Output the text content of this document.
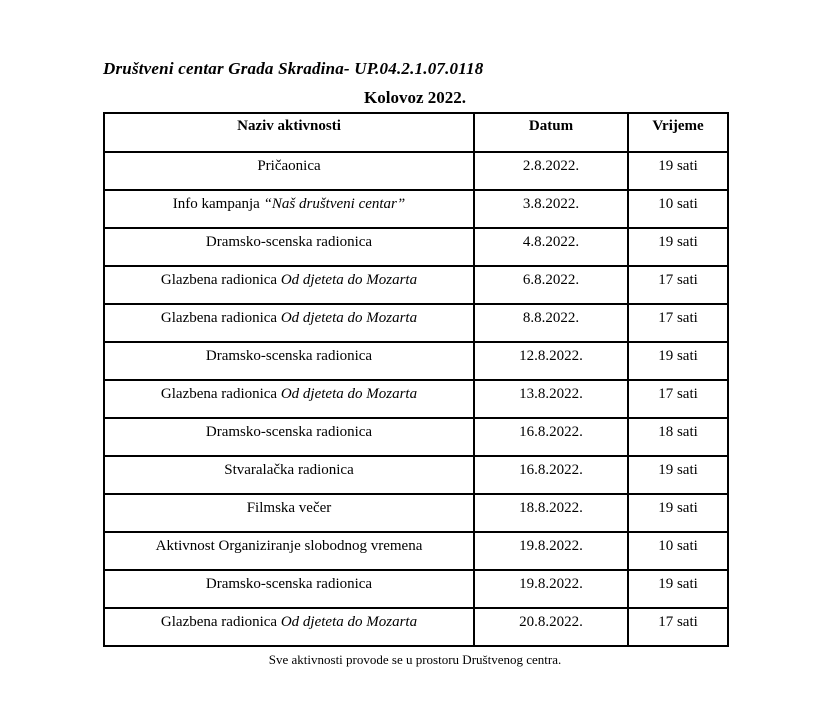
Društveni centar Grada Skradina- UP.04.2.1.07.0118
Kolovoz 2022.
Naziv aktivnosti	Datum	Vrijeme
Pričaonica	2.8.2022.	19 sati
Info kampanja “Naš društveni centar”	3.8.2022.	10 sati
Dramsko-scenska radionica	4.8.2022.	19 sati
Glazbena radionica Od djeteta do Mozarta	6.8.2022.	17 sati
Glazbena radionica Od djeteta do Mozarta	8.8.2022.	17 sati
Dramsko-scenska radionica	12.8.2022.	19 sati
Glazbena radionica Od djeteta do Mozarta	13.8.2022.	17 sati
Dramsko-scenska radionica	16.8.2022.	18 sati
Stvaralačka radionica	16.8.2022.	19 sati
Filmska večer	18.8.2022.	19 sati
Aktivnost Organiziranje slobodnog vremena	19.8.2022.	10 sati
Dramsko-scenska radionica	19.8.2022.	19 sati
Glazbena radionica Od djeteta do Mozarta	20.8.2022.	17 sati
Sve aktivnosti provode se u prostoru Društvenog centra.
